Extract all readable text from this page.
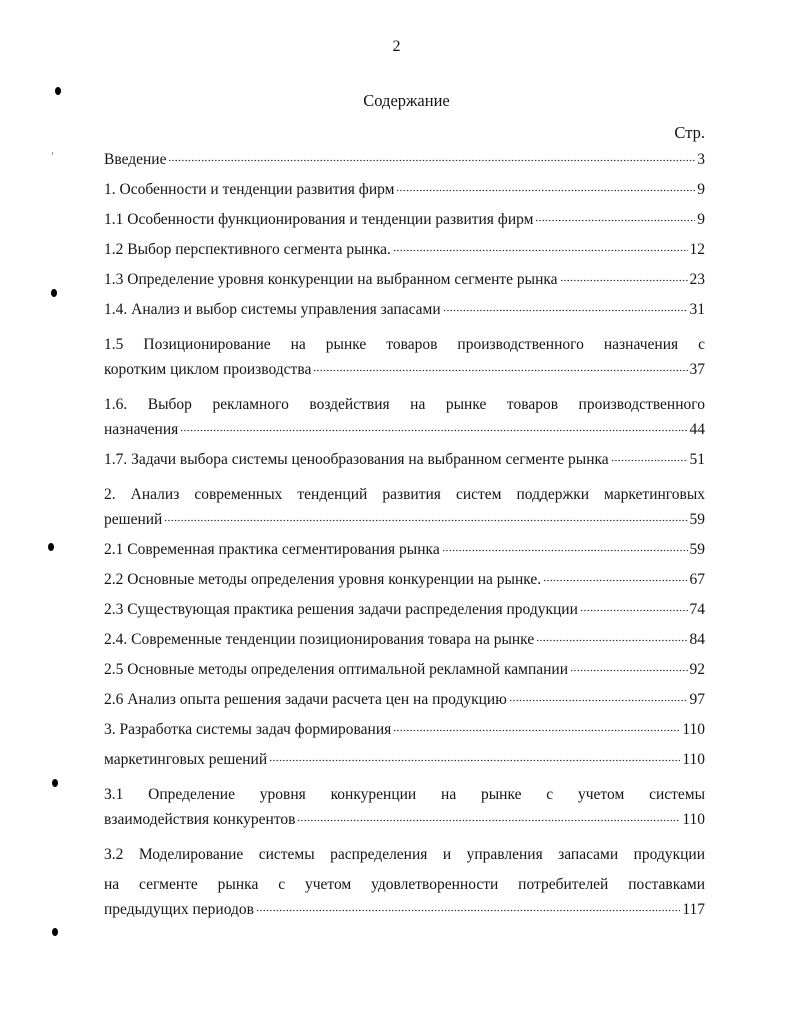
2
Содержание
Стр.
Введение	3
1. Особенности и тенденции развития фирм	9
1.1 Особенности функционирования и тенденции развития фирм	9
1.2 Выбор перспективного сегмента рынка.	12
1.3 Определение уровня конкуренции на выбранном сегменте рынка	23
1.4. Анализ и выбор системы управления запасами	31
1.5 Позиционирование на рынке товаров производственного назначения с
коротким циклом производства	37
1.6. Выбор рекламного воздействия на рынке товаров производственного
назначения	44
1.7. Задачи выбора системы ценообразования на выбранном сегменте рынка	51
2. Анализ современных тенденций развития систем поддержки маркетинговых
решений	59
2.1 Современная практика сегментирования рынка	59
2.2 Основные методы определения уровня конкуренции на рынке.	67
2.3 Существующая практика решения задачи распределения продукции	74
2.4. Современные тенденции позиционирования товара на рынке	84
2.5 Основные методы определения оптимальной рекламной кампании	92
2.6 Анализ опыта решения задачи расчета цен на продукцию	97
3. Разработка системы задач формирования	110
маркетинговых решений	110
3.1 Определение уровня конкуренции на рынке с учетом системы
взаимодействия конкурентов	110
3.2 Моделирование системы распределения и управления запасами продукции
на сегменте рынка с учетом удовлетворенности потребителей поставками
предыдущих периодов	117
